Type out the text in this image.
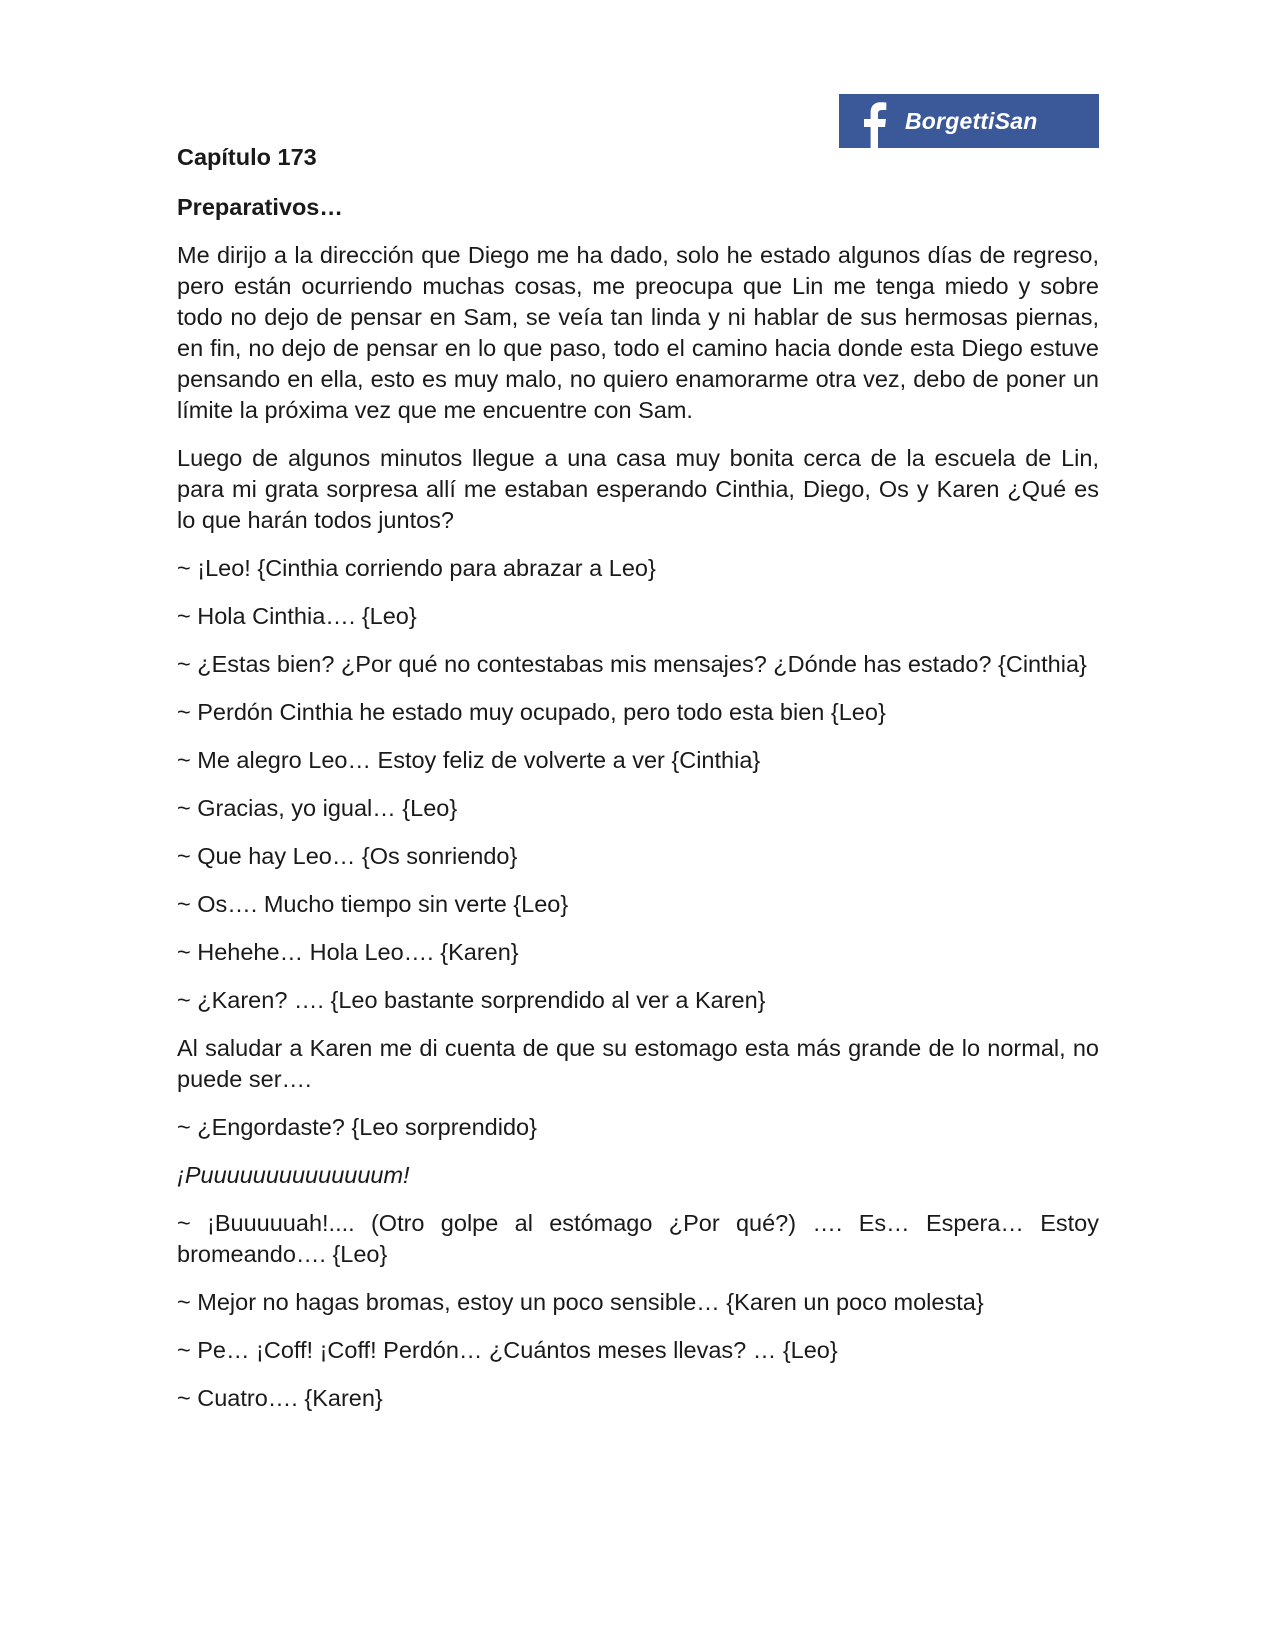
BorgettiSan
Capítulo 173
Preparativos…

Me dirijo a la dirección que Diego me ha dado, solo he estado algunos días de regreso, pero están ocurriendo muchas cosas, me preocupa que Lin me tenga miedo y sobre todo no dejo de pensar en Sam, se veía tan linda y ni hablar de sus hermosas piernas, en fin, no dejo de pensar en lo que paso, todo el camino hacia donde esta Diego estuve pensando en ella, esto es muy malo, no quiero enamorarme otra vez, debo de poner un límite la próxima vez que me encuentre con Sam.

Luego de algunos minutos llegue a una casa muy bonita cerca de la escuela de Lin, para mi grata sorpresa allí me estaban esperando Cinthia, Diego, Os y Karen ¿Qué es lo que harán todos juntos?

~ ¡Leo! {Cinthia corriendo para abrazar a Leo}

~ Hola Cinthia…. {Leo}

~ ¿Estas bien? ¿Por qué no contestabas mis mensajes? ¿Dónde has estado? {Cinthia}

~ Perdón Cinthia he estado muy ocupado, pero todo esta bien {Leo}

~ Me alegro Leo… Estoy feliz de volverte a ver {Cinthia}

~ Gracias, yo igual… {Leo}

~ Que hay Leo… {Os sonriendo}

~ Os…. Mucho tiempo sin verte {Leo}

~ Hehehe… Hola Leo…. {Karen}

~ ¿Karen? …. {Leo bastante sorprendido al ver a Karen}

Al saludar a Karen me di cuenta de que su estomago esta más grande de lo normal, no puede ser….

~ ¿Engordaste? {Leo sorprendido}

¡Puuuuuuuuuuuuuum!

~ ¡Buuuuuah!.... (Otro golpe al estómago ¿Por qué?) …. Es… Espera… Estoy bromeando…. {Leo}

~ Mejor no hagas bromas, estoy un poco sensible… {Karen un poco molesta}

~ Pe… ¡Coff! ¡Coff! Perdón… ¿Cuántos meses llevas? … {Leo}

~ Cuatro…. {Karen}
